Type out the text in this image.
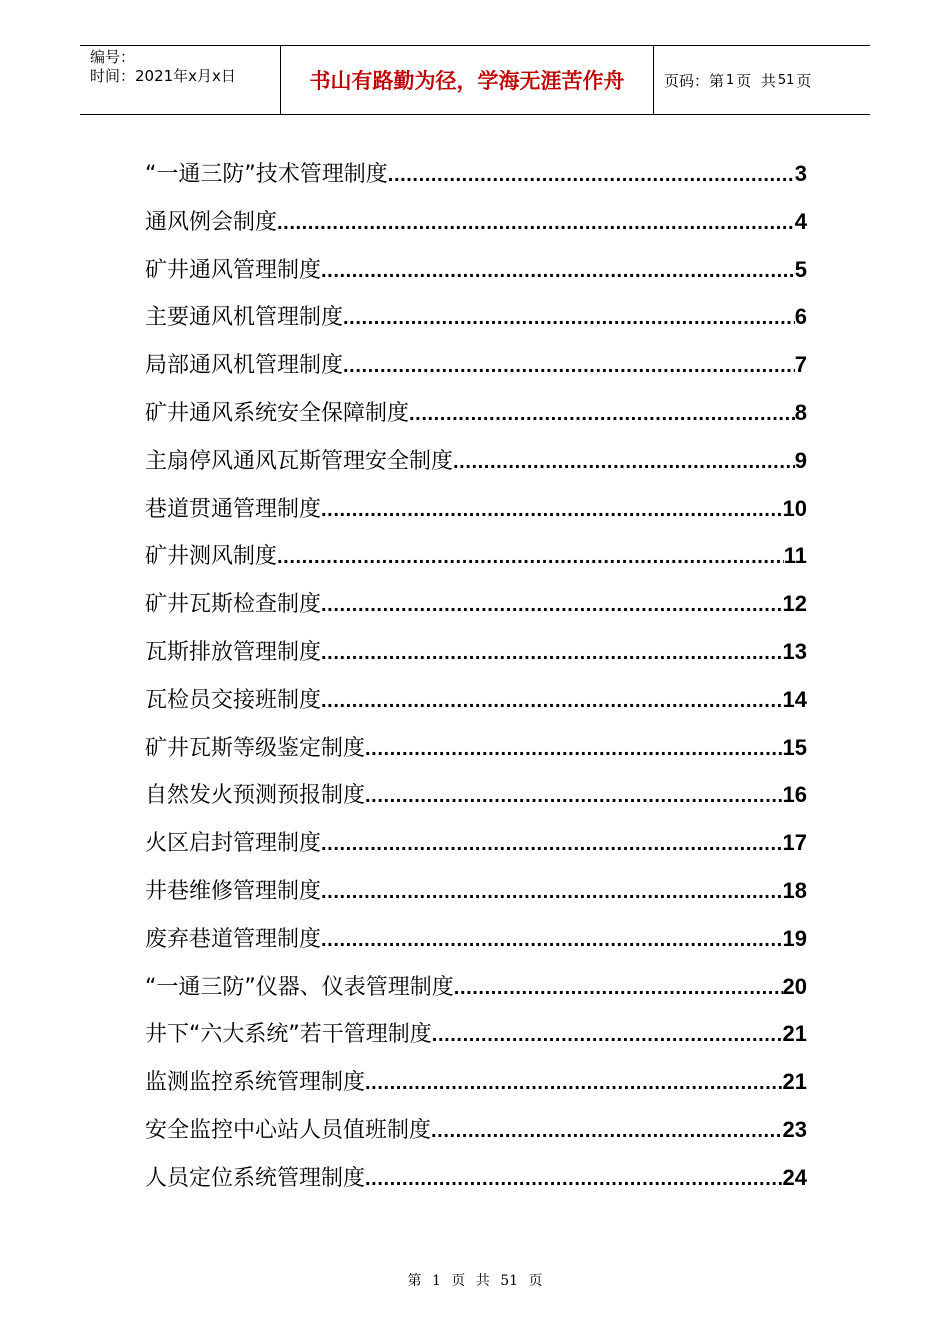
编号：
时间：2021年x月x日	书山有路勤为径，学海无涯苦作舟	页码：第 1 页  共 51 页
“一通三防”技术管理制度 .....	3
通风例会制度 .....	4
矿井通风管理制度 .....	5
主要通风机管理制度 .....	6
局部通风机管理制度 .....	7
矿井通风系统安全保障制度 .....	8
主扇停风通风瓦斯管理安全制度 .....	9
巷道贯通管理制度 .....	10
矿井测风制度 .....	11
矿井瓦斯检查制度 .....	12
瓦斯排放管理制度 .....	13
瓦检员交接班制度 .....	14
矿井瓦斯等级鉴定制度 .....	15
自然发火预测预报制度 .....	16
火区启封管理制度 .....	17
井巷维修管理制度 .....	18
废弃巷道管理制度 .....	19
“一通三防”仪器、仪表管理制度 .....	20
井下“六大系统”若干管理制度 .....	21
监测监控系统管理制度 .....	21
安全监控中心站人员值班制度 .....	23
人员定位系统管理制度 .....	24
第 1 页 共 51 页
